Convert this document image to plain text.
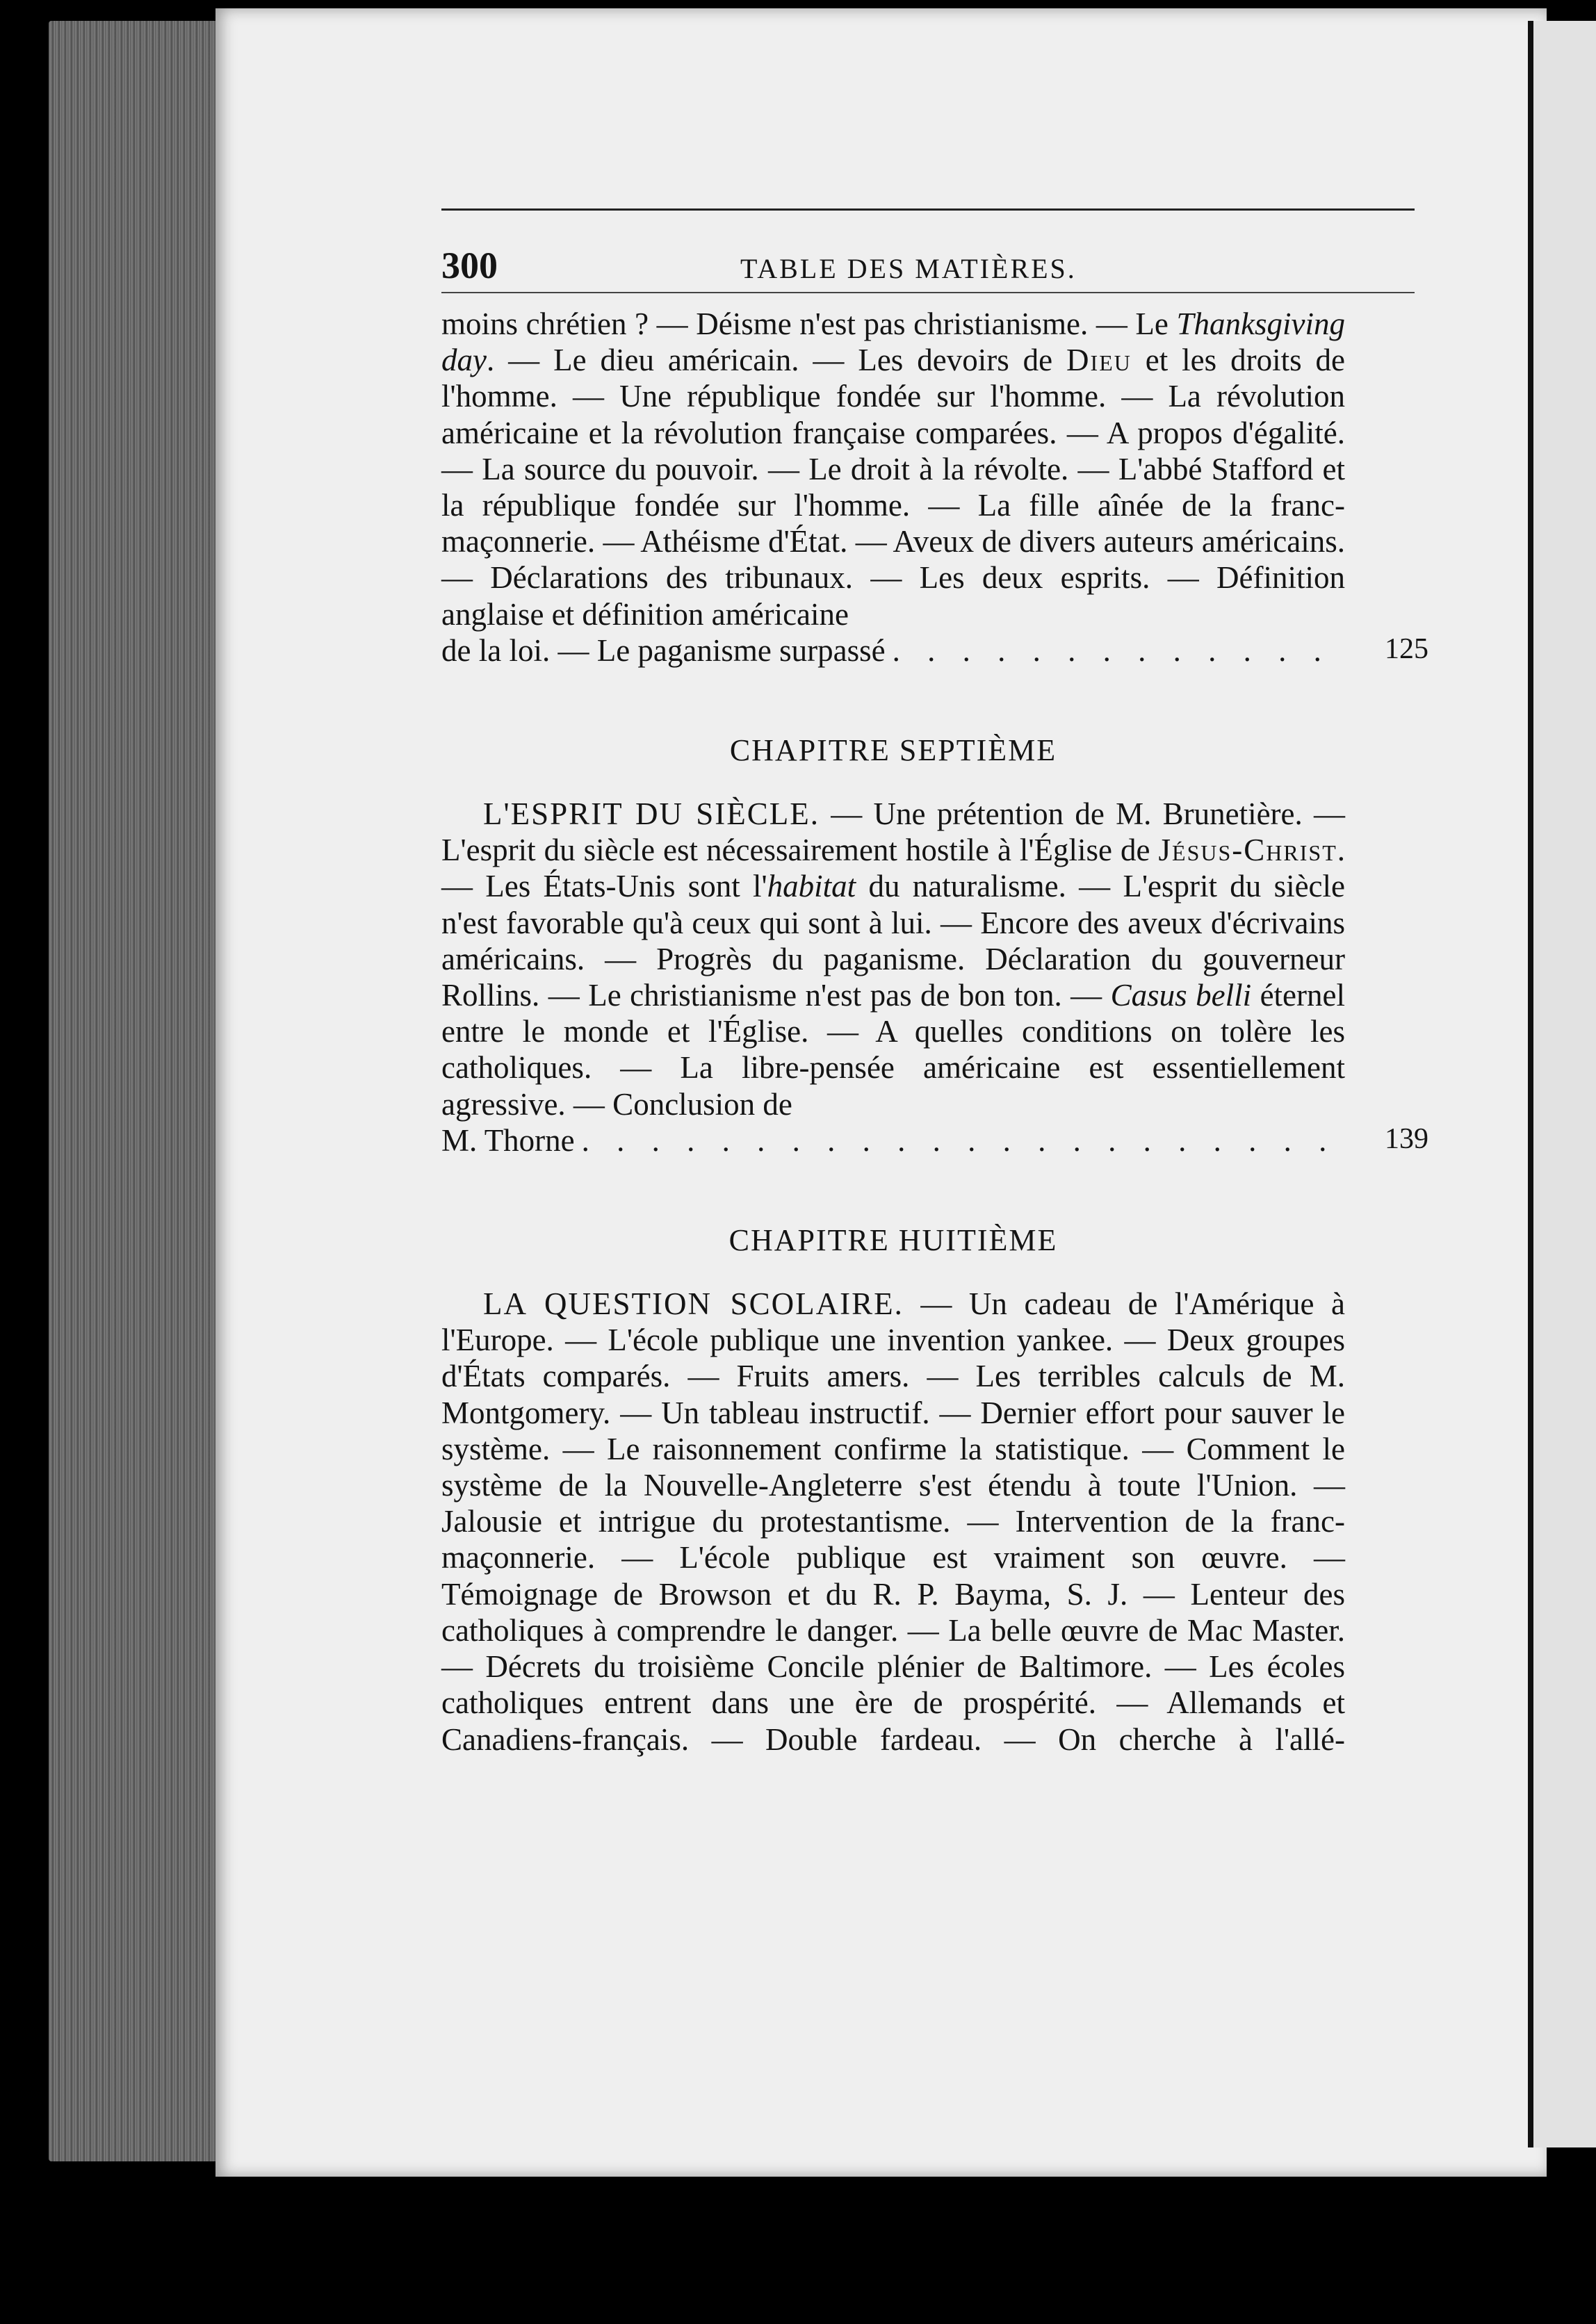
300	TABLE DES MATIÈRES.
moins chrétien ? — Déisme n'est pas christianisme. — Le Thanksgiving day. — Le dieu américain. — Les devoirs de Dieu et les droits de l'homme. — Une république fondée sur l'homme. — La révolution américaine et la révolution française comparées. — A propos d'égalité. — La source du pouvoir. — Le droit à la révolte. — L'abbé Stafford et la république fondée sur l'homme. — La fille aînée de la franc-maçonnerie. — Athéisme d'État. — Aveux de divers auteurs américains. — Déclarations des tribunaux. — Les deux esprits. — Définition anglaise et définition américaine
de la loi. — Le paganisme surpassé . . .	125
CHAPITRE SEPTIÈME
L'ESPRIT DU SIÈCLE. — Une prétention de M. Brunetière. — L'esprit du siècle est nécessairement hostile à l'Église de Jésus-Christ. — Les États-Unis sont l'habitat du naturalisme. — L'esprit du siècle n'est favorable qu'à ceux qui sont à lui. — Encore des aveux d'écrivains américains. — Progrès du paganisme. Déclaration du gouverneur Rollins. — Le christianisme n'est pas de bon ton. — Casus belli éternel entre le monde et l'Église. — A quelles conditions on tolère les catholiques. — La libre-pensée américaine est essentiellement agressive. — Conclusion de
M. Thorne . . .	139
CHAPITRE HUITIÈME
LA QUESTION SCOLAIRE. — Un cadeau de l'Amérique à l'Europe. — L'école publique une invention yankee. — Deux groupes d'États comparés. — Fruits amers. — Les terribles calculs de M. Montgomery. — Un tableau instructif. — Dernier effort pour sauver le système. — Le raisonnement confirme la statistique. — Comment le système de la Nouvelle-Angleterre s'est étendu à toute l'Union. — Jalousie et intrigue du protestantisme. — Intervention de la franc-maçonnerie. — L'école publique est vraiment son œuvre. — Témoignage de Browson et du R. P. Bayma, S. J. — Lenteur des catholiques à comprendre le danger. — La belle œuvre de Mac Master. — Décrets du troisième Concile plénier de Baltimore. — Les écoles catholiques entrent dans une ère de prospérité. — Allemands et Canadiens-français. — Double fardeau. — On cherche à l'allé-
